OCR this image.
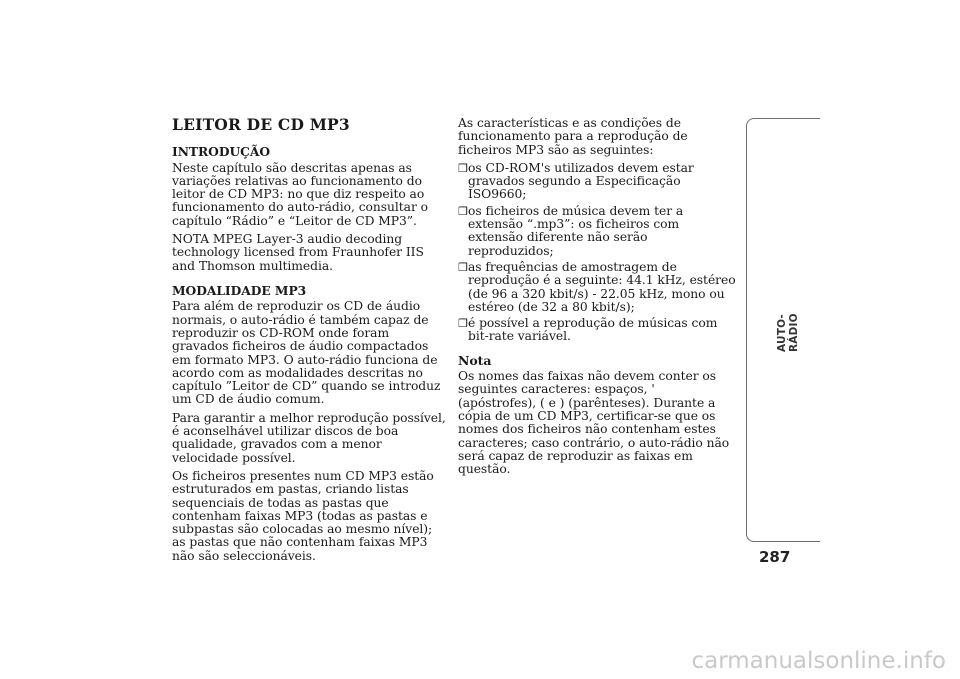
LEITOR DE CD MP3
INTRODUÇÃO

Neste capítulo são descritas apenas as variações relativas ao funcionamento do leitor de CD MP3: no que diz respeito ao funcionamento do auto-rádio, consultar o capítulo “Rádio” e “Leitor de CD MP3”.

NOTA MPEG Layer-3 audio decoding technology licensed from Fraunhofer IIS and Thomson multimedia.

MODALIDADE MP3

Para além de reproduzir os CD de áudio normais, o auto-rádio é também capaz de reproduzir os CD-ROM onde foram gravados ficheiros de áudio compactados em formato MP3. O auto-rádio funciona de acordo com as modalidades descritas no capítulo ”Leitor de CD” quando se introduz um CD de áudio comum.

Para garantir a melhor reprodução possível, é aconselhável utilizar discos de boa qualidade, gravados com a menor velocidade possível.

Os ficheiros presentes num CD MP3 estão estruturados em pastas, criando listas sequenciais de todas as pastas que contenham faixas MP3 (todas as pastas e subpastas são colocadas ao mesmo nível); as pastas que não contenham faixas MP3 não são seleccionáveis.

As características e as condições de funcionamento para a reprodução de ficheiros MP3 são as seguintes:

❒ os CD-ROM's utilizados devem estar gravados segundo a Especificação ISO9660;
❒ os ficheiros de música devem ter a extensão “.mp3”: os ficheiros com extensão diferente não serão reproduzidos;
❒ as frequências de amostragem de reprodução é a seguinte: 44.1 kHz, estéreo (de 96 a 320 kbit/s) - 22.05 kHz, mono ou estéreo (de 32 a 80 kbit/s);
❒ é possível a reprodução de músicas com bit-rate variável.
Nota

Os nomes das faixas não devem conter os seguintes caracteres: espaços, ' (apóstrofes), ( e ) (parênteses). Durante a cópia de um CD MP3, certificar-se que os nomes dos ficheiros não contenham estes caracteres; caso contrário, o auto-rádio não será capaz de reproduzir as faixas em questão.

AUTO-RÁDIO
287
carmanualsonline.info
